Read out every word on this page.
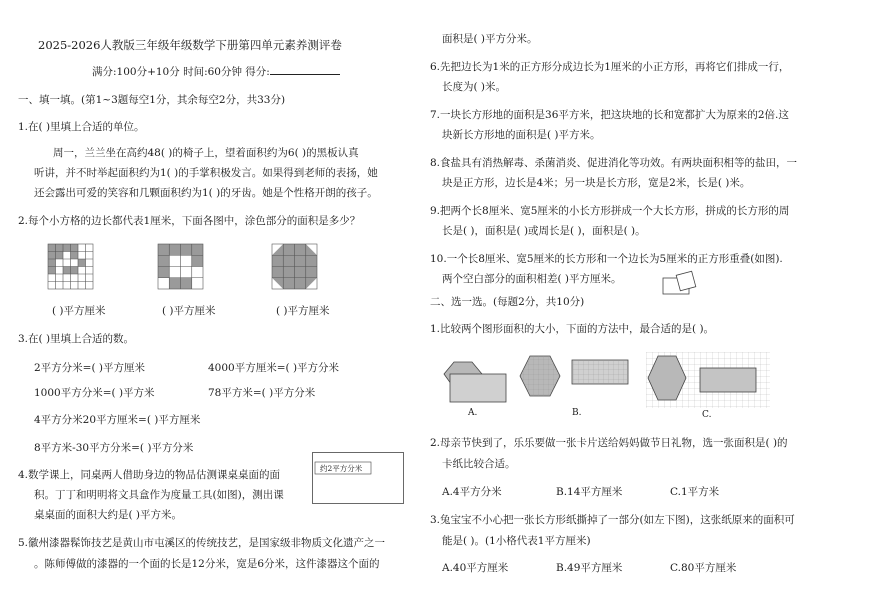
2025-2026人教版三年级年级数学下册第四单元素养测评卷
满分:100分+10分 时间:60分钟 得分:
一、填一填。(第1~3题每空1分，其余每空2分，共33分)
1.在( )里填上合适的单位。
周一，兰兰坐在高约48( )的椅子上，望着面积约为6( )的黑板认真
听讲，并不时举起面积约为1( )的手掌积极发言。如果得到老师的表扬，她
还会露出可爱的笑容和几颗面积约为1( )的牙齿。她是个性格开朗的孩子。
2.每个小方格的边长都代表1厘米，下面各图中，涂色部分的面积是多少？
( )平方厘米	( )平方厘米	( )平方厘米
3.在( )里填上合适的数。
2平方分米=( )平方厘米	4000平方厘米=( )平方分米
1000平方分米=( )平方米	78平方米=( )平方分米
4平方分米20平方厘米=( )平方厘米
8平方米-30平方分米=( )平方分米
4.数学课上，同桌两人借助身边的物品估测课桌桌面的面
积。丁丁和明明将文具盒作为度量工具(如图)，测出课
桌桌面的面积大约是( )平方米。
约2平方分米
5.徽州漆器髹饰技艺是黄山市屯溪区的传统技艺，是国家级非物质文化遗产之一
。陈师傅做的漆器的一个面的长是12分米，宽是6分米，这件漆器这个面的
面积是( )平方分米。
6.先把边长为1米的正方形分成边长为1厘米的小正方形，再将它们排成一行，
长度为( )米。
7.一块长方形地的面积是36平方米，把这块地的长和宽都扩大为原来的2倍.这
块新长方形地的面积是( )平方米。
8.食盐具有消热解毒、杀菌消炎、促进消化等功效。有两块面积相等的盐田，一
块是正方形，边长是4米；另一块是长方形，宽是2米，长是( )米。
9.把两个长8厘米、宽5厘米的小长方形拼成一个大长方形，拼成的长方形的周
长是( )，面积是( )或周长是( )，面积是( )。
10.一个长8厘米、宽5厘米的长方形和一个边长为5厘米的正方形重叠(如图).
两个空白部分的面积相差( )平方厘米。
二、选一选。(每题2分，共10分)
1.比较两个图形面积的大小，下面的方法中，最合适的是( )。
A.	B.	C.
2.母亲节快到了，乐乐要做一张卡片送给妈妈做节日礼物，选一张面积是( )的
卡纸比较合适。
A.4平方分米	B.14平方厘米	C.1平方米
3.兔宝宝不小心把一张长方形纸撕掉了一部分(如左下图)，这张纸原来的面积可
能是( )。(1小格代表1平方厘米)
A.40平方厘米	B.49平方厘米	C.80平方厘米
